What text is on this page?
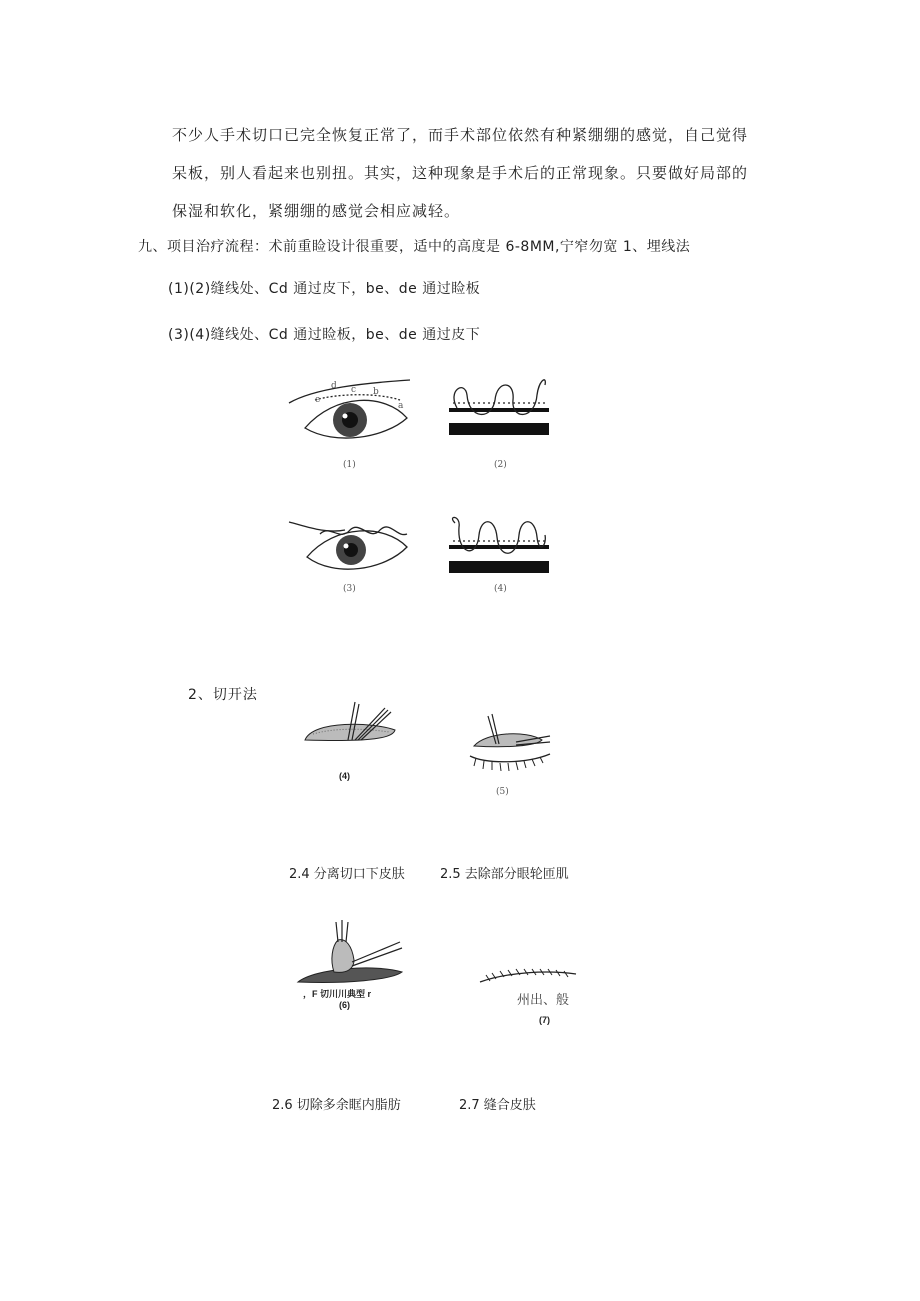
不少人手术切口已完全恢复正常了，而手术部位依然有种紧绷绷的感觉，自己觉得
呆板，别人看起来也别扭。其实，这种现象是手术后的正常现象。只要做好局部的
保湿和软化，紧绷绷的感觉会相应减轻。
九、项目治疗流程：术前重睑设计很重要，适中的高度是 6-8MM,宁窄勿宽 1、埋线法
(1)(2)缝线处、Cd 通过皮下，be、de 通过睑板
(3)(4)缝线处、Cd 通过睑板，be、de 通过皮下
e
d c b
a
(1)	(2)
(3)	(4)
2、切开法
(4)
(5)
2.4 分离切口下皮肤	2.5 去除部分眼轮匝肌
，F 切川川典型 r
(6)	州出、般
(7)
2.6 切除多余眶内脂肪	2.7 缝合皮肤
